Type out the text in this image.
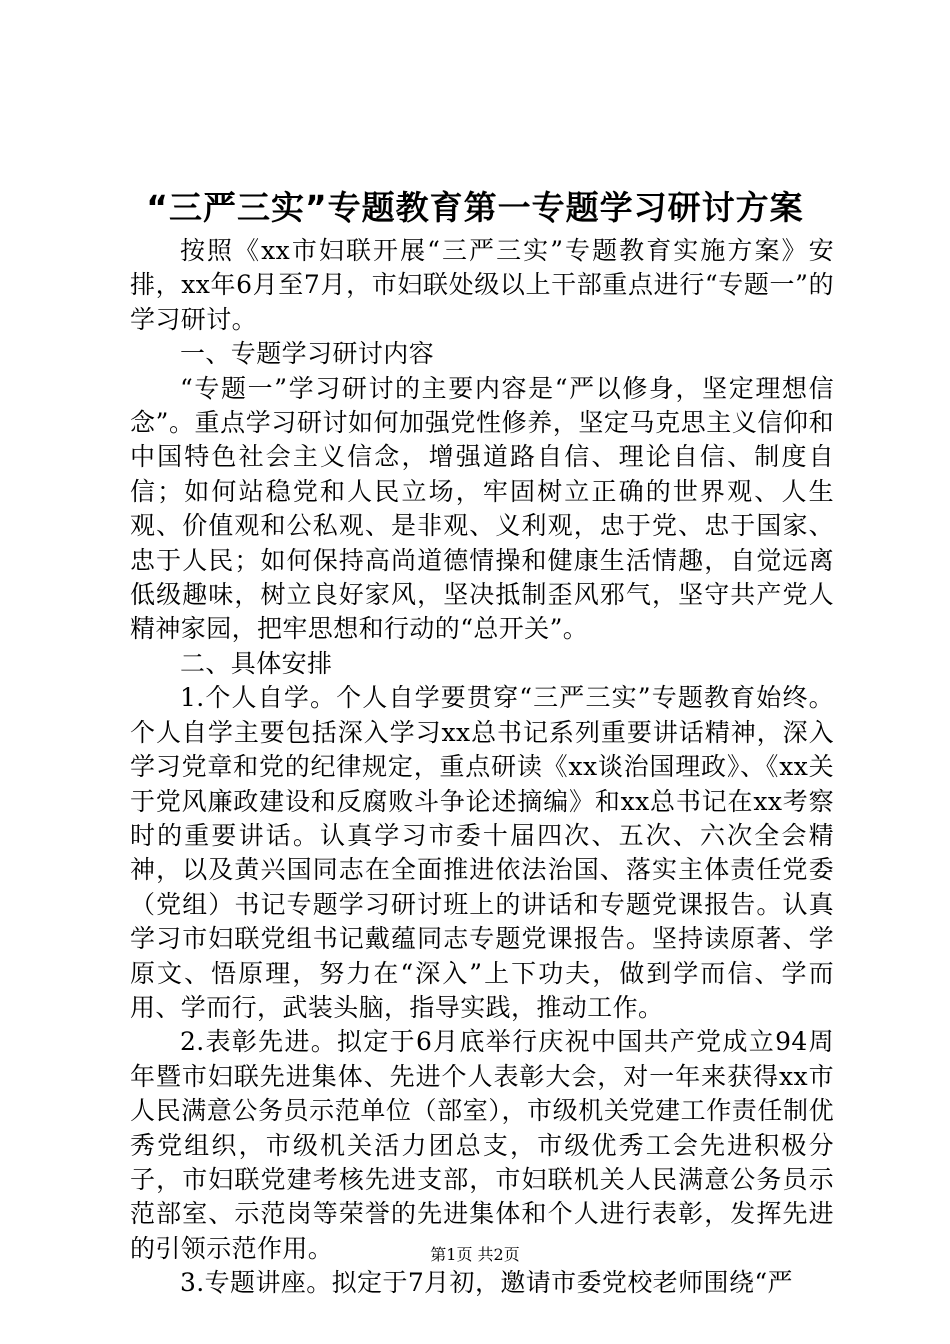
“三严三实”专题教育第一专题学习研讨方案

按照《xx市妇联开展“三严三实”专题教育实施方案》安排，xx年6月至7月，市妇联处级以上干部重点进行“专题一”的学习研讨。

一、专题学习研讨内容

“专题一”学习研讨的主要内容是“严以修身，坚定理想信念”。重点学习研讨如何加强党性修养，坚定马克思主义信仰和中国特色社会主义信念，增强道路自信、理论自信、制度自信；如何站稳党和人民立场，牢固树立正确的世界观、人生观、价值观和公私观、是非观、义利观，忠于党、忠于国家、忠于人民；如何保持高尚道德情操和健康生活情趣，自觉远离低级趣味，树立良好家风，坚决抵制歪风邪气，坚守共产党人精神家园，把牢思想和行动的“总开关”。

二、具体安排

1.个人自学。个人自学要贯穿“三严三实”专题教育始终。个人自学主要包括深入学习xx总书记系列重要讲话精神，深入学习党章和党的纪律规定，重点研读《xx谈治国理政》、《xx关于党风廉政建设和反腐败斗争论述摘编》和xx总书记在xx考察时的重要讲话。认真学习市委十届四次、五次、六次全会精神，以及黄兴国同志在全面推进依法治国、落实主体责任党委（党组）书记专题学习研讨班上的讲话和专题党课报告。认真学习市妇联党组书记戴蕴同志专题党课报告。坚持读原著、学原文、悟原理，努力在“深入”上下功夫，做到学而信、学而用、学而行，武装头脑，指导实践，推动工作。

2.表彰先进。拟定于6月底举行庆祝中国共产党成立94周年暨市妇联先进集体、先进个人表彰大会，对一年来获得xx市人民满意公务员示范单位（部室），市级机关党建工作责任制优秀党组织，市级机关活力团总支，市级优秀工会先进积极分子，市妇联党建考核先进支部，市妇联机关人民满意公务员示范部室、示范岗等荣誉的先进集体和个人进行表彰，发挥先进的引领示范作用。

3.专题讲座。拟定于7月初，邀请市委党校老师围绕“严

第1页 共2页
